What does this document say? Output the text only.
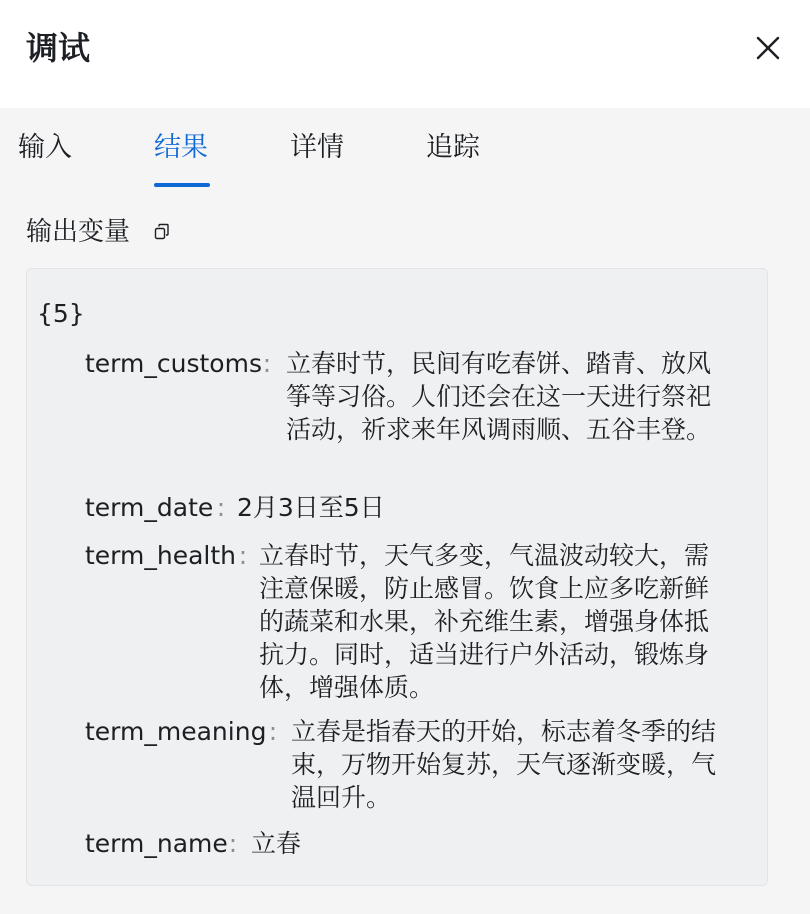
调试
输入	结果	详情	追踪
输出变量
{5}
term_customs : 立春时节，民间有吃春饼、踏青、放风筝等习俗。人们还会在这一天进行祭祀活动，祈求来年风调雨顺、五谷丰登。
term_date : 2月3日至5日
term_health : 立春时节，天气多变，气温波动较大，需注意保暖，防止感冒。饮食上应多吃新鲜的蔬菜和水果，补充维生素，增强身体抵抗力。同时，适当进行户外活动，锻炼身体，增强体质。
term_meaning : 立春是指春天的开始，标志着冬季的结束，万物开始复苏，天气逐渐变暖，气温回升。
term_name : 立春
